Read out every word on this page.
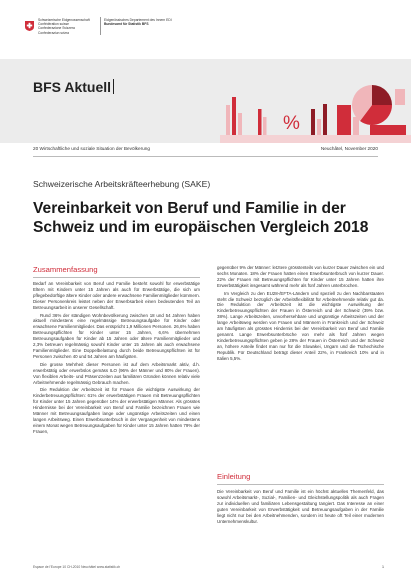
Schweizerische Eidgenossenschaft
Confédération suisse
Confederazione Svizzera
Confederaziun svizra
Eidgenössisches Departement des Innern EDI
Bundesamt für Statistik BFS
BFS Aktuell
%
20 Wirtschaftliche und soziale Situation der Bevölkerung	Neuchâtel, November 2020
Schweizerische Arbeitskräfteerhebung (SAKE)
Vereinbarkeit von Beruf und Familie in der
Schweiz und im europäischen Vergleich 2018
Zusammenfassung

Bedarf an Vereinbarkeit von Beruf und Familie besteht sowohl für erwerbstätige Eltern mit Kindern unter 15 Jahren als auch für Erwerbstätige, die sich um pflegebedürftige ältere Kinder oder andere erwachsene Familienmitglieder kümmern. Dieser Personenkreis leistet neben der Erwerbsarbeit einen bedeutenden Teil an Betreuungsarbeit in unserer Gesellschaft.

Rund 36% der ständigen Wohnbevölkerung zwischen 18 und 54 Jahren haben aktuell mindestens eine regelmässige Betreuungsaufgabe für Kinder oder erwachsene Familienmitglieder. Das entspricht 1,9 Millionen Personen. 26,6% haben Betreuungspflichten für Kinder unter 15 Jahren, 6,6% übernehmen Betreuungsaufgaben für Kinder ab 15 Jahren oder ältere Familienmitglieder und 2,3% betreuen regelmässig sowohl Kinder unter 15 Jahren als auch erwachsene Familienmitglieder. Eine Doppelbelastung durch beide Betreuungspflichten ist für Personen zwischen 40 und 54 Jahren am häufigsten.

Die grosse Mehrheit dieser Personen ist auf dem Arbeitsmarkt aktiv, d.h. erwerbstätig oder erwerbslos gemäss ILO (96% der Männer und 80% der Frauen). Von flexiblen Arbeits- und Präsenzzeiten aus familiären Gründen können relativ viele Arbeitnehmende regelmässig Gebrauch machen.

Die Reduktion der Arbeitszeit ist für Frauen die wichtigste Auswirkung der Kinderbetreuungspflichten: 61% der erwerbstätigen Frauen mit Betreuungspflichten für Kinder unter 15 Jahren gegenüber 14% der erwerbstätigen Männer. Als grösstes Hindernisse bei der Vereinbarkeit von Beruf und Familie bezeichnen Frauen wie Männer mit Betreuungsaufgaben lange oder ungünstige Arbeitszeiten und einen langen Arbeitsweg. Einen Erwerbsunterbruch in der Vergangenheit von mindestens einem Monat wegen Betreuungsaufgaben für Kinder unter 15 Jahren hatten 79% der Frauen,

gegenüber 9% der Männer: letztere grösstenteils von kurzer Dauer zwischen ein und sechs Monaten. 18% der Frauen hatten einen Erwerbsunterbruch von kurzer Dauer. 22% der Frauen mit Betreuungspflichten für Kinder unter 15 Jahren hatten ihre Erwerbstätigkeit insgesamt während mehr als fünf Jahren unterbrochen.

Im Vergleich zu den EU28-/EFTA-Ländern und speziell zu den Nachbarstaaten steht die Schweiz bezüglich der Arbeitsflexibilität für Arbeitnehmende relativ gut da. Die Reduktion der Arbeitszeit ist die wichtigste Auswirkung der Kinderbetreuungspflichten der Frauen in Österreich und der Schweiz (39% bzw. 38%). Lange Arbeitszeiten, unvorhersehbare und ungünstige Arbeitszeiten und der lange Arbeitsweg werden von Frauen und Männern in Frankreich und der Schweiz am häufigsten als grösstes Hindernis bei der Vereinbarkeit von Beruf und Familie genannt. Lange Erwerbsunterbrüche von mehr als fünf Jahren wegen Kinderbetreuungspflichten geben je 28% der Frauen in Österreich und der Schweiz an, höhere Anteile findet man nur für die Slowakei, Ungarn und die Tschechische Republik. Für Deutschland beträgt dieser Anteil 22%, in Frankreich 10% und in Italien 5,5%.

Einleitung

Die Vereinbarkeit von Beruf und Familie ist ein höchst aktuelles Themenfeld, das sowohl Arbeitsmarkt-, Sozial-, Familien- und Gleichstellungspolitik als auch Fragen zur individuellen und familiären Lebensgestaltung tangiert. Das Interesse an einer guten Vereinbarkeit von Erwerbstätigkeit und Betreuungsaufgaben in der Familie liegt nicht nur bei den Arbeitnehmenden, sondern ist heute oft Teil einer modernen Unternehmenskultur.

Espace de l'Europe 10 CH-2010 Neuchâtel www.statistik.ch	1
